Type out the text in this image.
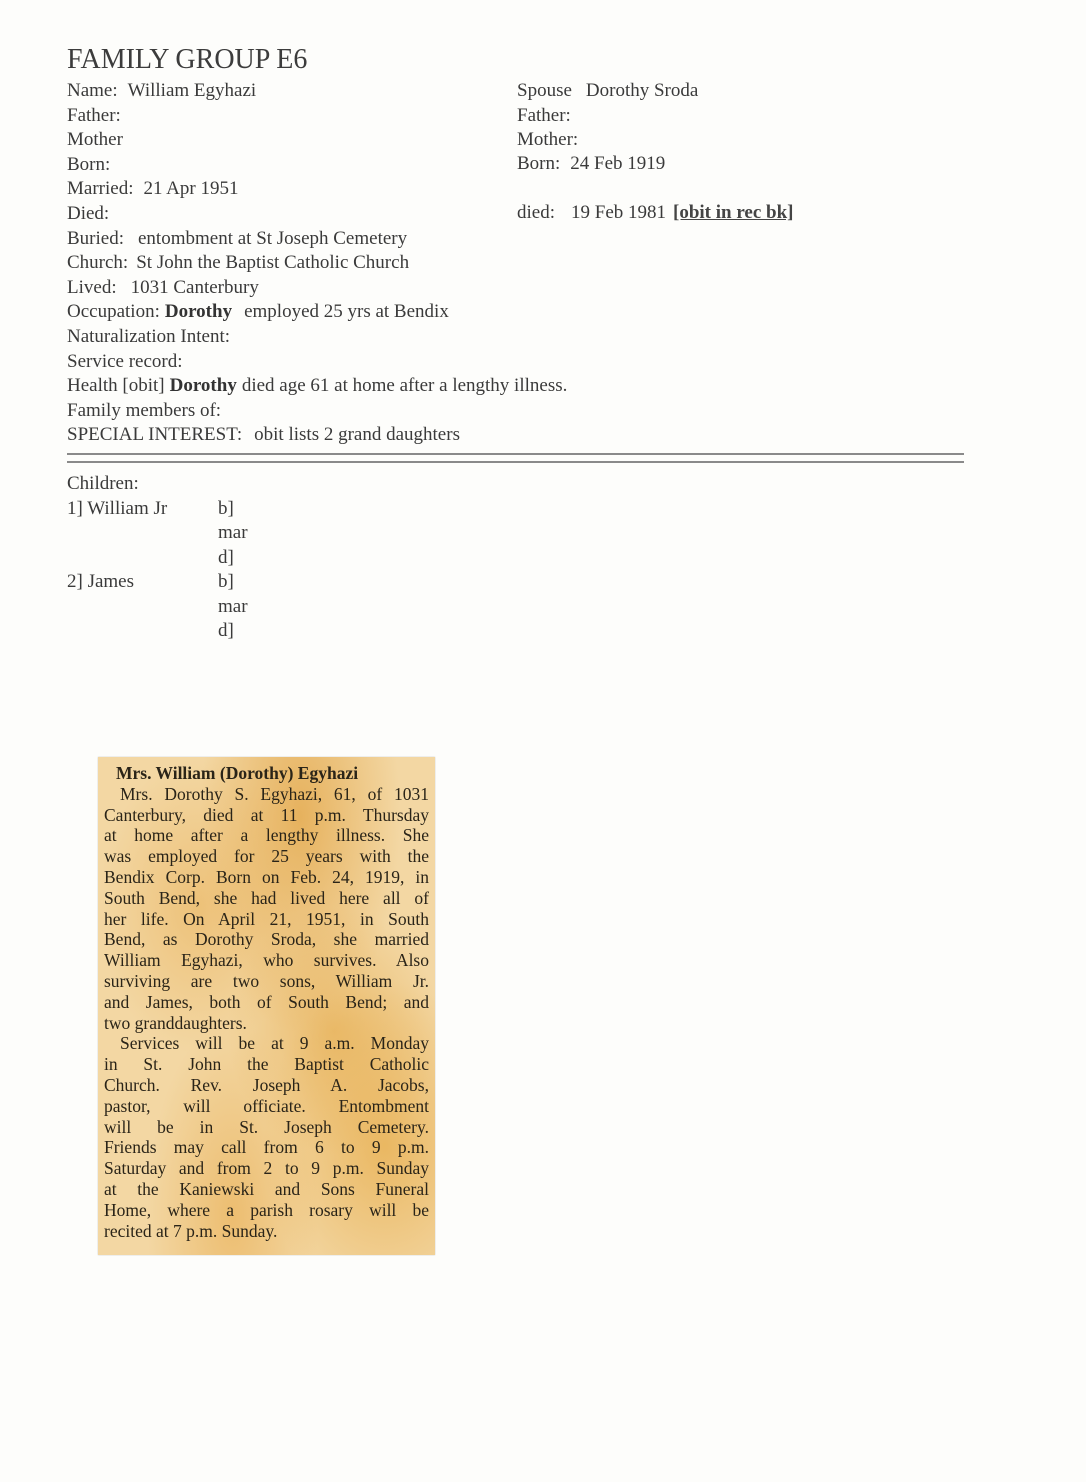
FAMILY GROUP E6
Name: William Egyhazi
Father:
Mother
Born:
Married: 21 Apr 1951
Died:
Spouse Dorothy Sroda
Father:
Mother:
Born: 24 Feb 1919
died: 19 Feb 1981 [obit in rec bk]
Buried: entombment at St Joseph Cemetery
Church: St John the Baptist Catholic Church
Lived: 1031 Canterbury
Occupation: Dorothy employed 25 yrs at Bendix
Naturalization Intent:
Service record:
Health [obit] Dorothy died age 61 at home after a lengthy illness.
Family members of:
SPECIAL INTEREST: obit lists 2 grand daughters
Children:
1] William Jr	b]
mar
d]
2] James	b]
mar
d]
Mrs. William (Dorothy) Egyhazi
Mrs. Dorothy S. Egyhazi, 61, of 1031
Canterbury, died at 11 p.m. Thursday
at home after a lengthy illness. She
was employed for 25 years with the
Bendix Corp. Born on Feb. 24, 1919, in
South Bend, she had lived here all of
her life. On April 21, 1951, in South
Bend, as Dorothy Sroda, she married
William Egyhazi, who survives. Also
surviving are two sons, William Jr.
and James, both of South Bend; and
two granddaughters.
Services will be at 9 a.m. Monday
in St. John the Baptist Catholic
Church. Rev. Joseph A. Jacobs,
pastor, will officiate. Entombment
will be in St. Joseph Cemetery.
Friends may call from 6 to 9 p.m.
Saturday and from 2 to 9 p.m. Sunday
at the Kaniewski and Sons Funeral
Home, where a parish rosary will be
recited at 7 p.m. Sunday.
